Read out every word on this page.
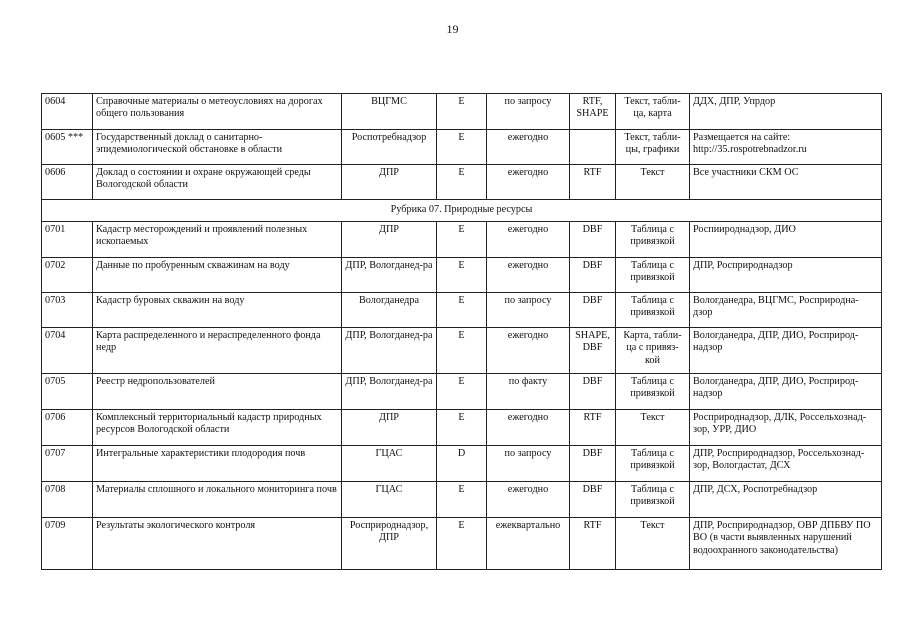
19
0604	Справочные материалы о метеоусловиях на дорогах общего пользования	ВЦГМС	Е	по запросу	RTF, SHAPE	Текст, табли-ца, карта	ДДХ, ДПР, Упрдор
0605 ***	Государственный доклад о санитарно-эпидемиологической обстановке в области	Роспотребнадзор	Е	ежегодно		Текст, табли-цы, графики	Размещается на сайте: http://35.rospotrebnadzor.ru
0606	Доклад о состоянии и охране окружающей среды Вологодской области	ДПР	Е	ежегодно	RTF	Текст	Все участники СКМ ОС
Рубрика 07. Природные ресурсы							
0701	Кадастр месторождений и проявлений полезных ископаемых	ДПР	Е	ежегодно	DBF	Таблица с привязкой	Роспиироднадзор, ДИО
0702	Данные по пробуренным скважинам на воду	ДПР, Вологданед-ра	Е	ежегодно	DBF	Таблица с привязкой	ДПР, Росприроднадзор
0703	Кадастр буровых скважин на воду	Вологданедра	Е	по запросу	DBF	Таблица с привязкой	Вологданедра, ВЦГМС, Росприродна-дзор
0704	Карта распределенного и нераспределенного фонда недр	ДПР, Вологданед-ра	Е	ежегодно	SHAPE, DBF	Карта, табли-ца с привяз-кой	Вологданедра, ДПР, ДИО, Росприрод-надзор
0705	Реестр недропользователей	ДПР, Вологданед-ра	Е	по факту	DBF	Таблица с привязкой	Вологданедра, ДПР, ДИО, Росприрод-надзор
0706	Комплексный территориальный кадастр природных ресурсов Вологодской области	ДПР	Е	ежегодно	RTF	Текст	Росприроднадзор, ДЛК, Россельхознад-зор, УРР, ДИО
0707	Интегральные характеристики плодородия почв	ГЦАС	D	по запросу	DBF	Таблица с привязкой	ДПР, Росприроднадзор, Россельхознад-зор, Вологдастат, ДСХ
0708	Материалы сплошного и локального мониторинга почв	ГЦАС	Е	ежегодно	DBF	Таблица с привязкой	ДПР, ДСХ, Роспотребнадзор
0709	Результаты экологического контроля	Росприроднадзор, ДПР	Е	ежеквартально	RTF	Текст	ДПР, Росприроднадзор, ОВР ДПБВУ ПО ВО (в части выявленных нарушений водоохранного законодательства)
